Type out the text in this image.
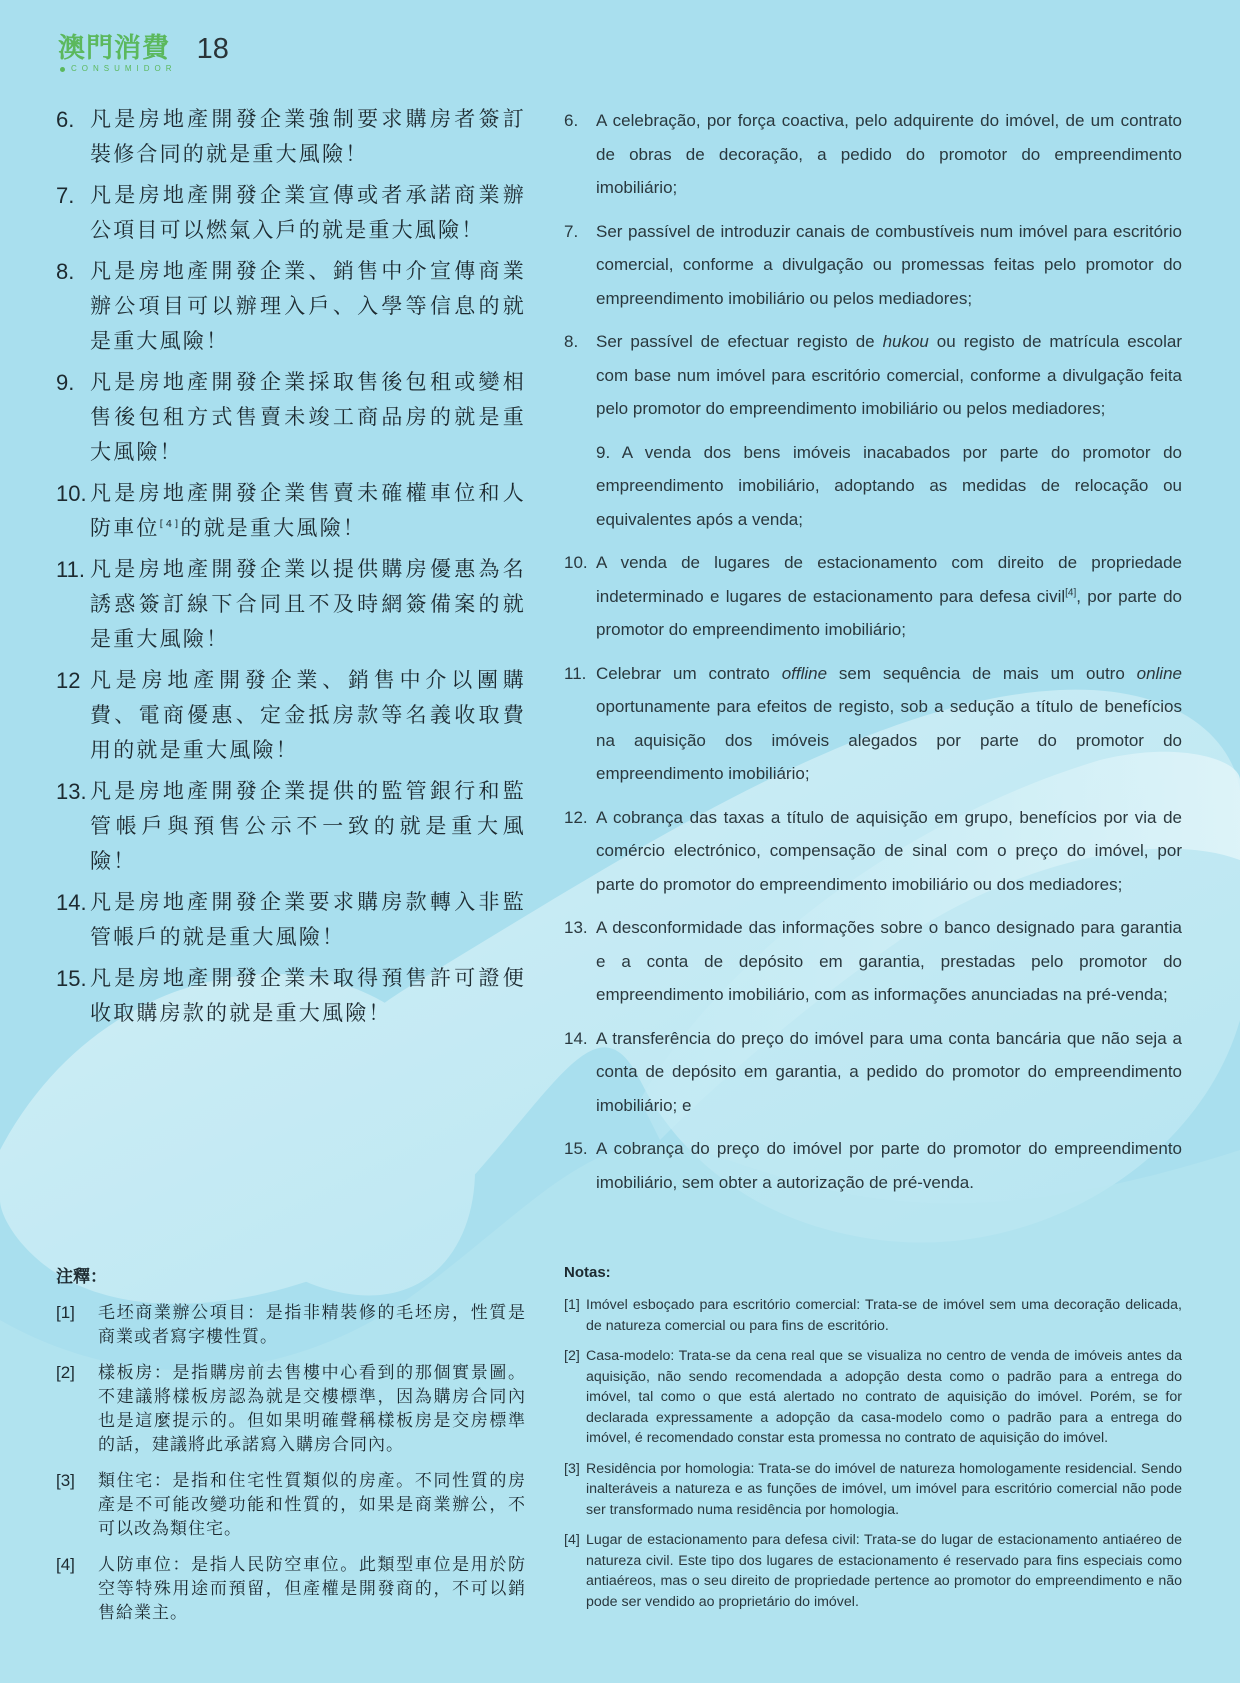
澳門消費
CONSUMIDOR
18
6. 凡是房地產開發企業強制要求購房者簽訂裝修合同的就是重大風險！
7. 凡是房地產開發企業宣傳或者承諾商業辦公項目可以燃氣入戶的就是重大風險！
8. 凡是房地產開發企業、銷售中介宣傳商業辦公項目可以辦理入戶、入學等信息的就是重大風險！
9. 凡是房地產開發企業採取售後包租或變相售後包租方式售賣未竣工商品房的就是重大風險！
10. 凡是房地產開發企業售賣未確權車位和人防車位[4]的就是重大風險！
11. 凡是房地產開發企業以提供購房優惠為名誘惑簽訂線下合同且不及時網簽備案的就是重大風險！
12 凡是房地產開發企業、銷售中介以團購費、電商優惠、定金抵房款等名義收取費用的就是重大風險！
13. 凡是房地產開發企業提供的監管銀行和監管帳戶與預售公示不一致的就是重大風險！
14. 凡是房地產開發企業要求購房款轉入非監管帳戶的就是重大風險！
15. 凡是房地產開發企業未取得預售許可證便收取購房款的就是重大風險！
6.	A celebração, por força coactiva, pelo adquirente do imóvel, de um contrato de obras de decoração, a pedido do promotor do empreendimento imobiliário;
7.	Ser passível de introduzir canais de combustíveis num imóvel para escritório comercial, conforme a divulgação ou promessas feitas pelo promotor do empreendimento imobiliário ou pelos mediadores;
8.	Ser passível de efectuar registo de hukou ou registo de matrícula escolar com base num imóvel para escritório comercial, conforme a divulgação feita pelo promotor do empreendimento imobiliário ou pelos mediadores;
9. A venda dos bens imóveis inacabados por parte do promotor do empreendimento imobiliário, adoptando as medidas de relocação ou equivalentes após a venda;
10. A venda de lugares de estacionamento com direito de propriedade indeterminado e lugares de estacionamento para defesa civil[4], por parte do promotor do empreendimento imobiliário;
11. Celebrar um contrato offline sem sequência de mais um outro online oportunamente para efeitos de registo, sob a sedução a título de benefícios na aquisição dos imóveis alegados por parte do promotor do empreendimento imobiliário;
12. A cobrança das taxas a título de aquisição em grupo, benefícios por via de comércio electrónico, compensação de sinal com o preço do imóvel, por parte do promotor do empreendimento imobiliário ou dos mediadores;
13. A desconformidade das informações sobre o banco designado para garantia e a conta de depósito em garantia, prestadas pelo promotor do empreendimento imobiliário, com as informações anunciadas na pré-venda;
14. A transferência do preço do imóvel para uma conta bancária que não seja a conta de depósito em garantia, a pedido do promotor do empreendimento imobiliário; e
15. A cobrança do preço do imóvel por parte do promotor do empreendimento imobiliário, sem obter a autorização de pré-venda.
注釋：
[1]	毛坯商業辦公項目：是指非精裝修的毛坯房，性質是商業或者寫字樓性質。
[2]	樣板房：是指購房前去售樓中心看到的那個實景圖。不建議將樣板房認為就是交樓標準，因為購房合同內也是這麼提示的。但如果明確聲稱樣板房是交房標準的話，建議將此承諾寫入購房合同內。
[3]	類住宅：是指和住宅性質類似的房產。不同性質的房產是不可能改變功能和性質的，如果是商業辦公，不可以改為類住宅。
[4]	人防車位：是指人民防空車位。此類型車位是用於防空等特殊用途而預留，但產權是開發商的，不可以銷售給業主。
Notas:
[1] Imóvel esboçado para escritório comercial: Trata-se de imóvel sem uma decoração delicada, de natureza comercial ou para fins de escritório.
[2] Casa-modelo: Trata-se da cena real que se visualiza no centro de venda de imóveis antes da aquisição, não sendo recomendada a adopção desta como o padrão para a entrega do imóvel, tal como o que está alertado no contrato de aquisição do imóvel. Porém, se for declarada expressamente a adopção da casa-modelo como o padrão para a entrega do imóvel, é recomendado constar esta promessa no contrato de aquisição do imóvel.
[3] Residência por homologia: Trata-se do imóvel de natureza homologamente residencial. Sendo inalteráveis a natureza e as funções de imóvel, um imóvel para escritório comercial não pode ser transformado numa residência por homologia.
[4] Lugar de estacionamento para defesa civil: Trata-se do lugar de estacionamento antiaéreo de natureza civil. Este tipo dos lugares de estacionamento é reservado para fins especiais como antiaéreos, mas o seu direito de propriedade pertence ao promotor do empreendimento e não pode ser vendido ao proprietário do imóvel.
